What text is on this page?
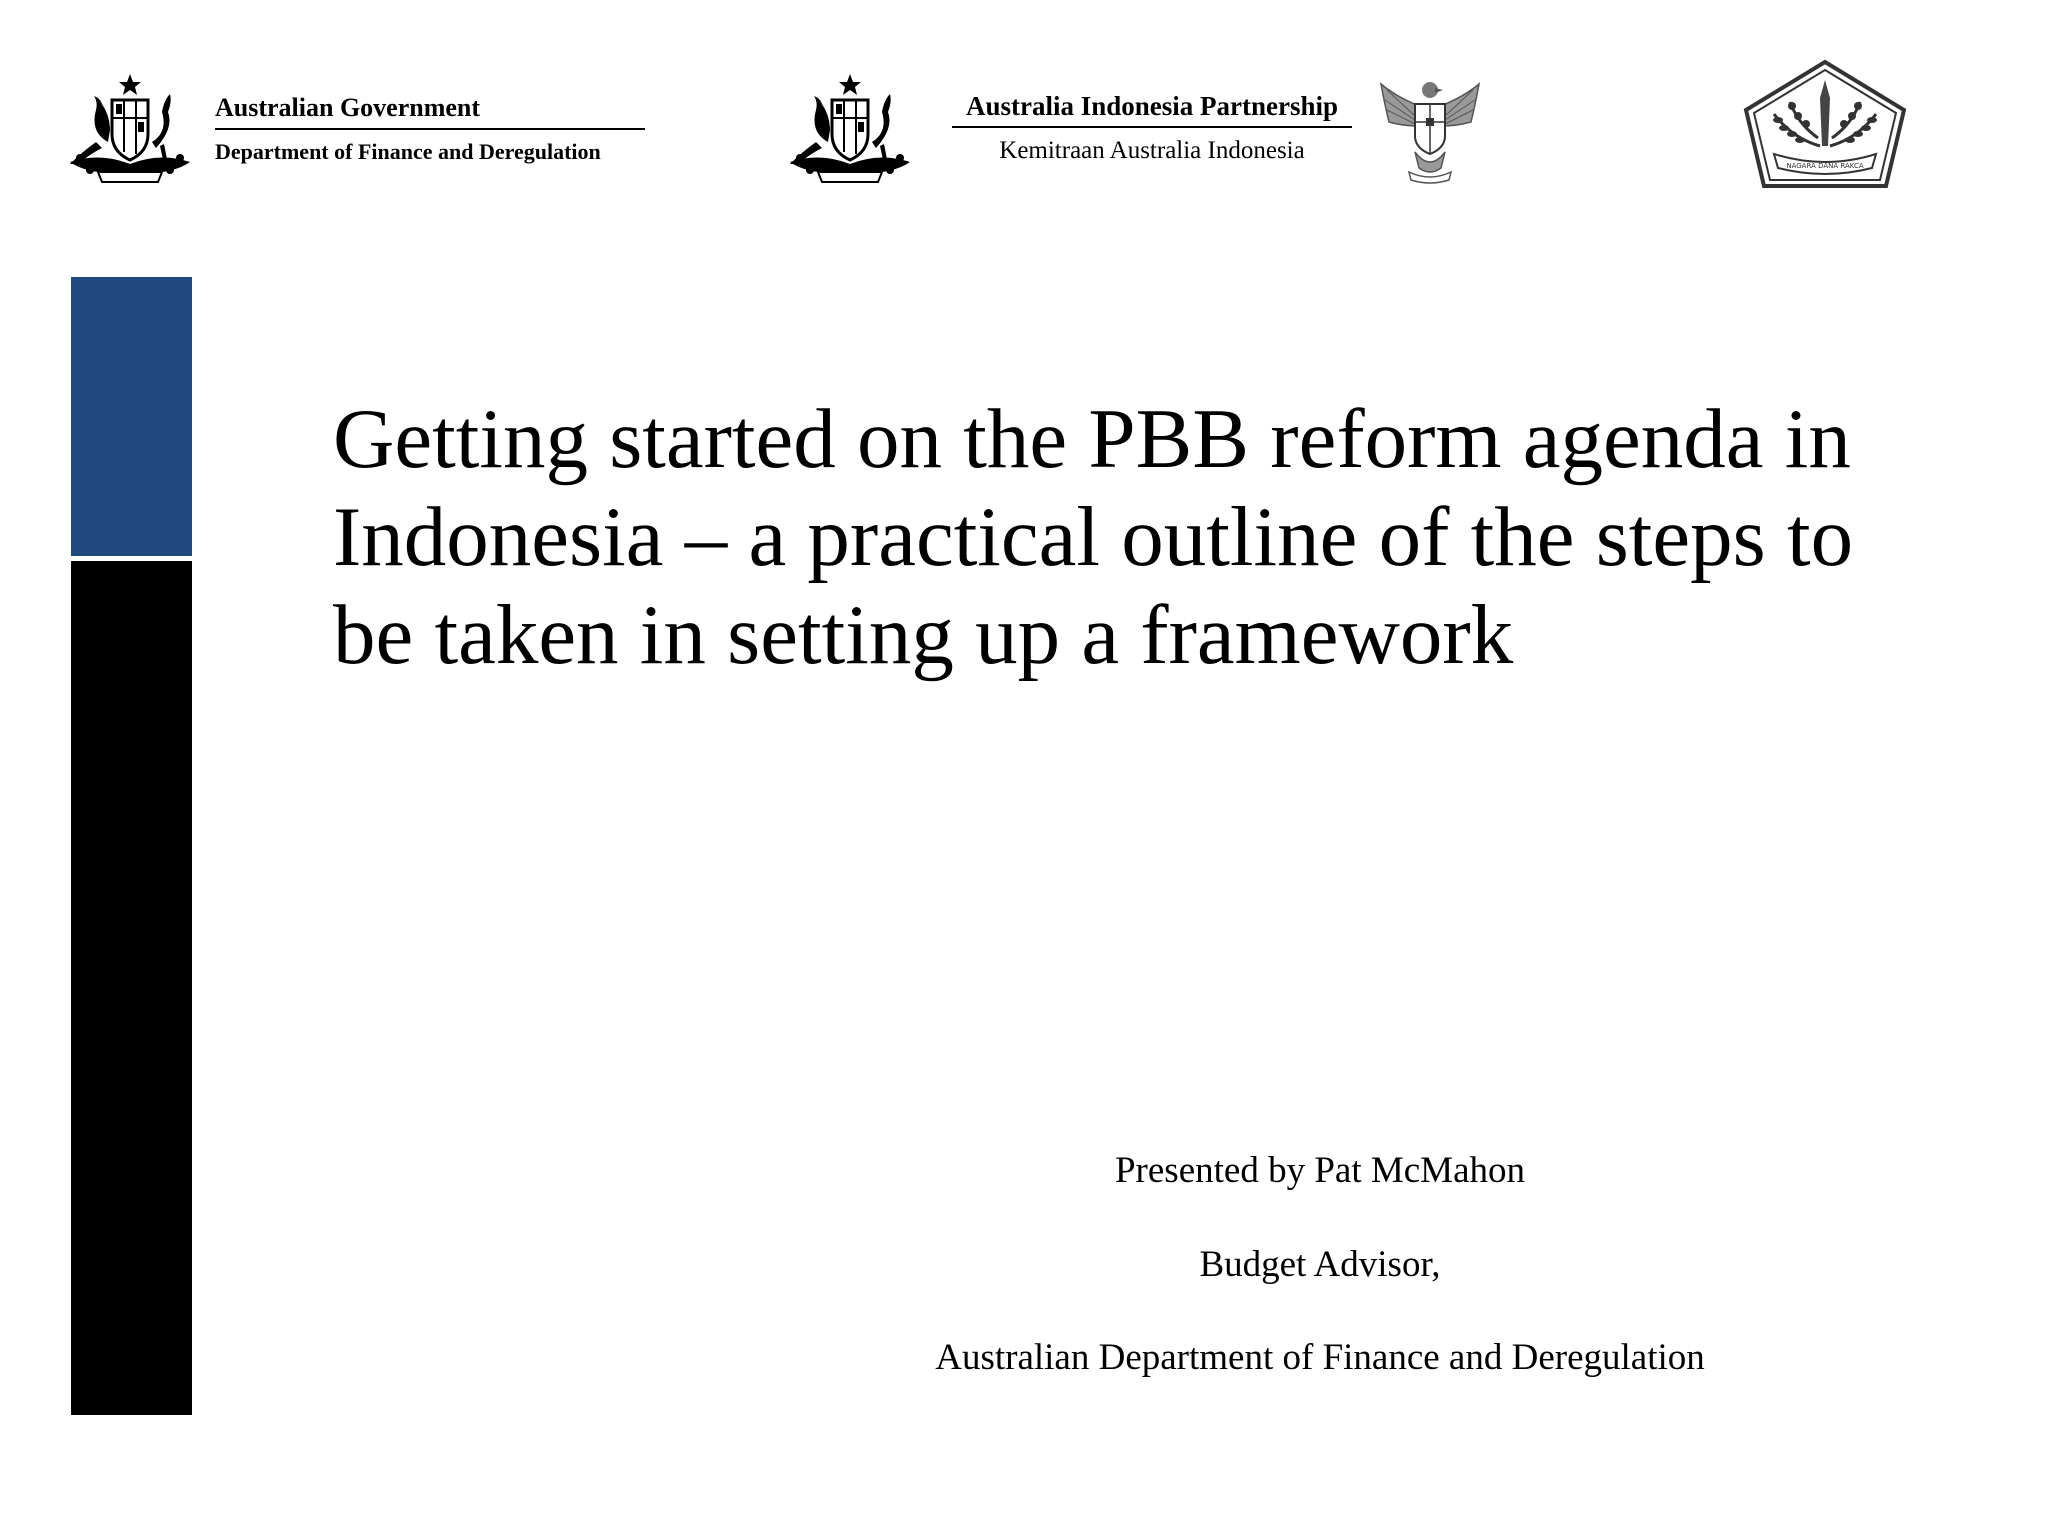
Australian Government
Department of Finance and Deregulation
Australia Indonesia Partnership
Kemitraan Australia Indonesia
NAGARA DANA RAKCA
Getting started on the PBB reform agenda in Indonesia – a practical outline of the steps to be taken in setting up a framework
Presented by Pat McMahon
Budget Advisor,
Australian Department of Finance and Deregulation
